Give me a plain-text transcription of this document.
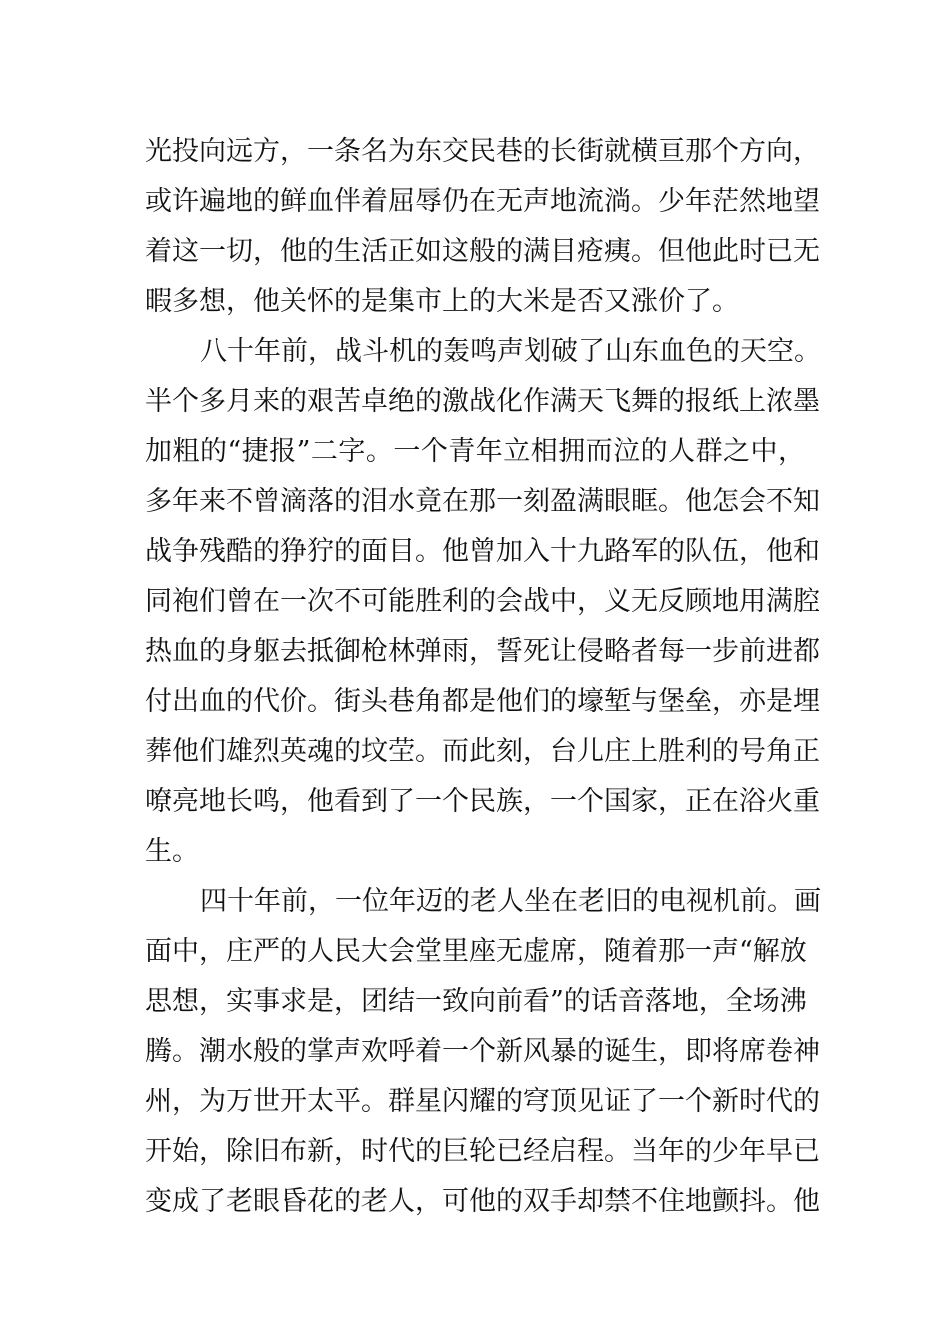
光投向远方，一条名为东交民巷的长街就横亘那个方向，
或许遍地的鲜血伴着屈辱仍在无声地流淌。少年茫然地望
着这一切，他的生活正如这般的满目疮痍。但他此时已无
暇多想，他关怀的是集市上的大米是否又涨价了。
八十年前，战斗机的轰鸣声划破了山东血色的天空。
半个多月来的艰苦卓绝的激战化作满天飞舞的报纸上浓墨
加粗的“捷报”二字。一个青年立相拥而泣的人群之中，
多年来不曾滴落的泪水竟在那一刻盈满眼眶。他怎会不知
战争残酷的狰狞的面目。他曾加入十九路军的队伍，他和
同袍们曾在一次不可能胜利的会战中，义无反顾地用满腔
热血的身躯去抵御枪林弹雨，誓死让侵略者每一步前进都
付出血的代价。街头巷角都是他们的壕堑与堡垒，亦是埋
葬他们雄烈英魂的坟茔。而此刻，台儿庄上胜利的号角正
嘹亮地长鸣，他看到了一个民族，一个国家，正在浴火重
生。
四十年前，一位年迈的老人坐在老旧的电视机前。画
面中，庄严的人民大会堂里座无虚席，随着那一声“解放
思想，实事求是，团结一致向前看”的话音落地，全场沸
腾。潮水般的掌声欢呼着一个新风暴的诞生，即将席卷神
州，为万世开太平。群星闪耀的穹顶见证了一个新时代的
开始，除旧布新，时代的巨轮已经启程。当年的少年早已
变成了老眼昏花的老人，可他的双手却禁不住地颤抖。他
